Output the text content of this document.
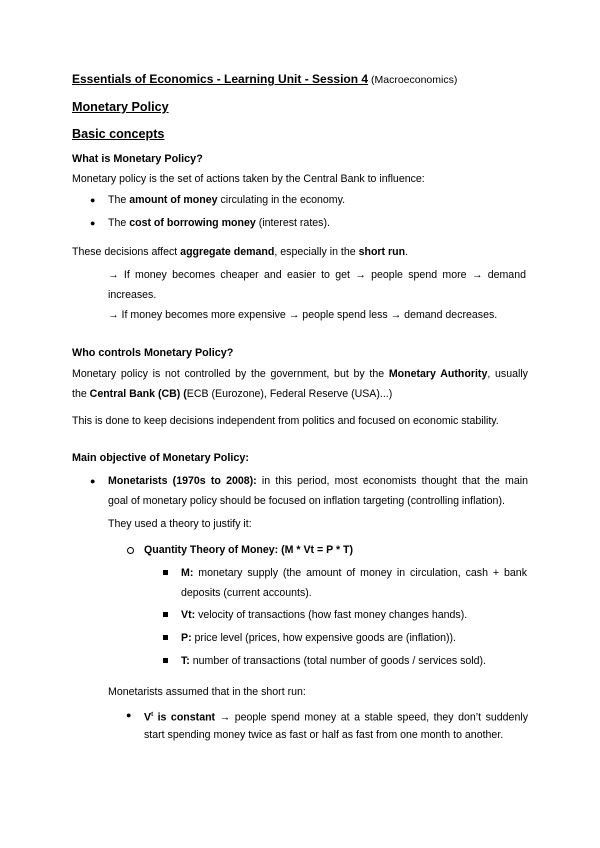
Essentials of Economics - Learning Unit - Session 4 (Macroeconomics)
Monetary Policy
Basic concepts
What is Monetary Policy?
Monetary policy is the set of actions taken by the Central Bank to influence:
● The amount of money circulating in the economy.
● The cost of borrowing money (interest rates).
These decisions affect aggregate demand, especially in the short run.
→ If money becomes cheaper and easier to get → people spend more → demand
increases.
→ If money becomes more expensive → people spend less → demand decreases.
Who controls Monetary Policy?
Monetary policy is not controlled by the government, but by the Monetary Authority, usually
the Central Bank (CB) (ECB (Eurozone), Federal Reserve (USA)...)
This is done to keep decisions independent from politics and focused on economic stability.
Main objective of Monetary Policy:
● Monetarists (1970s to 2008): in this period, most economists thought that the main
goal of monetary policy should be focused on inflation targeting (controlling inflation).
They used a theory to justify it:
Quantity Theory of Money: (M * Vt = P * T)
M: monetary supply (the amount of money in circulation, cash + bank
deposits (current accounts).
Vt: velocity of transactions (how fast money changes hands).
P: price level (prices, how expensive goods are (inflation)).
T: number of transactions (total number of goods / services sold).
Monetarists assumed that in the short run:
● $V^t$ is constant → people spend money at a stable speed, they don’t suddenly
start spending money twice as fast or half as fast from one month to another.
